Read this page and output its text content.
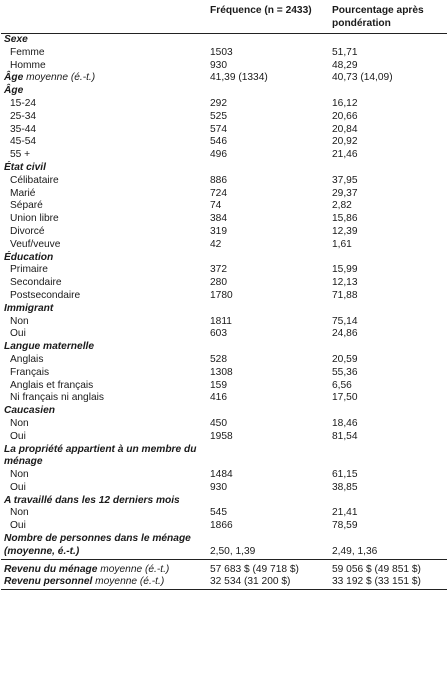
	Fréquence (n = 2433)	Pourcentage après pondération
Sexe		
Femme	1503	51,71
Homme	930	48,29
Âge moyenne (é.-t.)	41,39 (1334)	40,73 (14,09)
Âge		
15-24	292	16,12
25-34	525	20,66
35-44	574	20,84
45-54	546	20,92
55 +	496	21,46
État civil		
Célibataire	886	37,95
Marié	724	29,37
Séparé	74	2,82
Union libre	384	15,86
Divorcé	319	12,39
Veuf/veuve	42	1,61
Éducation		
Primaire	372	15,99
Secondaire	280	12,13
Postsecondaire	1780	71,88
Immigrant		
Non	1811	75,14
Oui	603	24,86
Langue maternelle		
Anglais	528	20,59
Français	1308	55,36
Anglais et français	159	6,56
Ni français ni anglais	416	17,50
Caucasien		
Non	450	18,46
Oui	1958	81,54
La propriété appartient à un membre du ménage		
Non	1484	61,15
Oui	930	38,85
A travaillé dans les 12 derniers mois		
Non	545	21,41
Oui	1866	78,59
Nombre de personnes dans le ménage (moyenne, é.-t.)	2,50, 1,39	2,49, 1,36
Revenu du ménage moyenne (é.-t.)	57 683 $ (49 718 $)	59 056 $ (49 851 $)
Revenu personnel moyenne (é.-t.)	32 534 (31 200 $)	33 192 $ (33 151 $)
